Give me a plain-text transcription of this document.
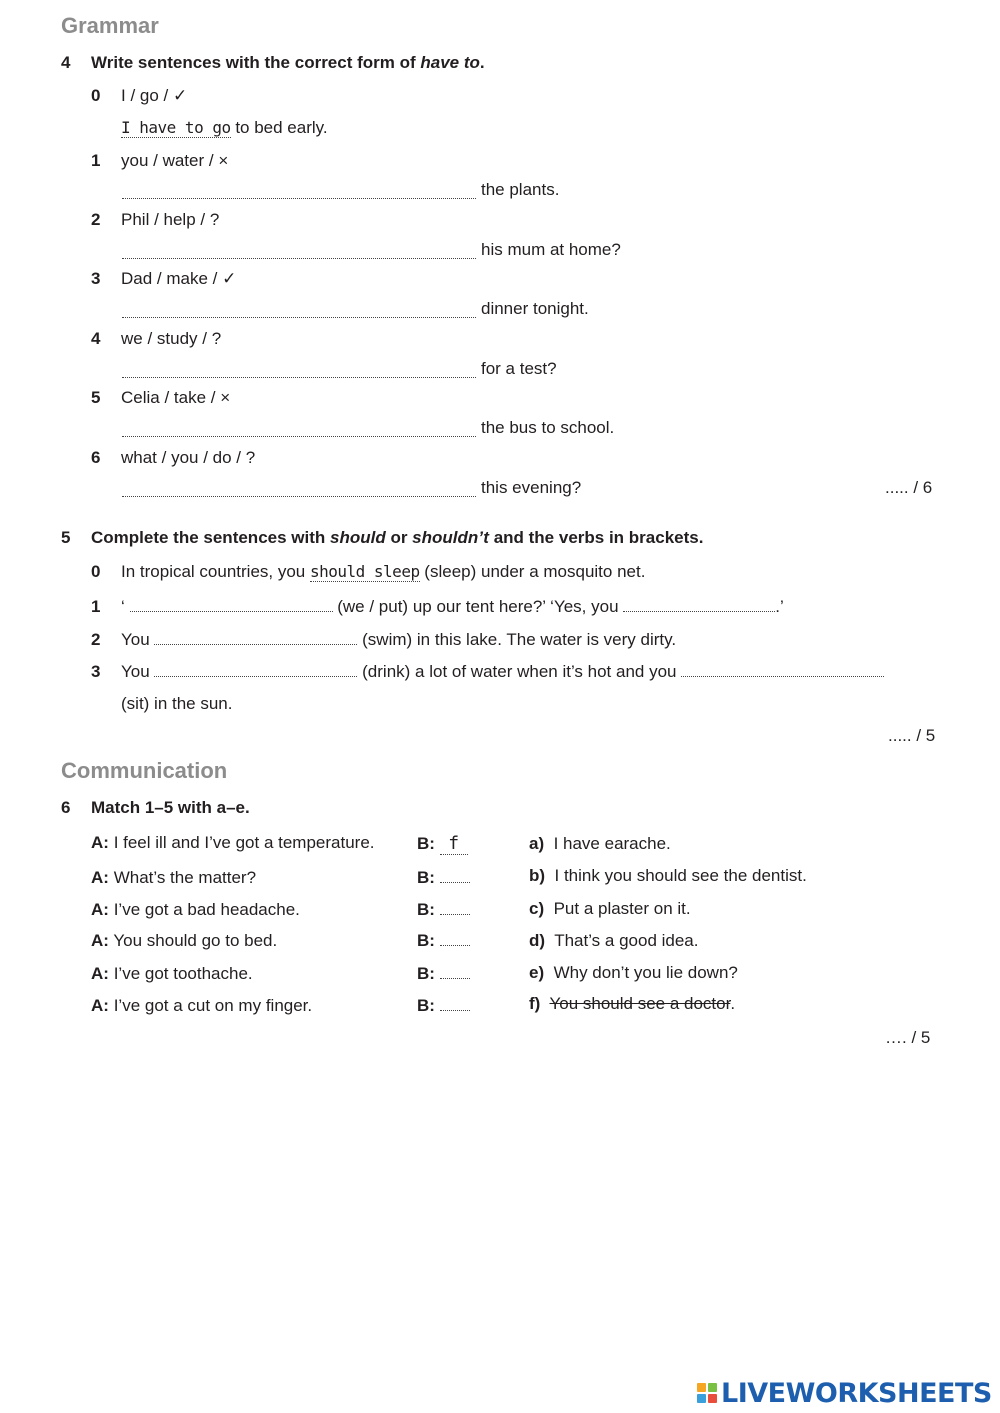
Grammar
4 Write sentences with the correct form of have to.
0 I / go / ✓
I have to go to bed early.
1 you / water / ×
the plants.
2 Phil / help / ?
his mum at home?
3 Dad / make / ✓
dinner tonight.
4 we / study / ?
for a test?
5 Celia / take / ×
the bus to school.
6 what / you / do / ?
this evening?	..... / 6
5 Complete the sentences with should or shouldn’t and the verbs in brackets.
0 In tropical countries, you should sleep (sleep) under a mosquito net.
1 ‘	(we / put) up our tent here?’ ‘Yes, you	.’
2 You	(swim) in this lake. The water is very dirty.
3 You	(drink) a lot of water when it’s hot and you
(sit) in the sun.
..... / 5
Communication
6 Match 1–5 with a–e.
A: I feel ill and I’ve got a temperature.	B: f	a) I have earache.
A: What’s the matter?	B:	b) I think you should see the dentist.
A: I’ve got a bad headache.	B:	c) Put a plaster on it.
A: You should go to bed.	B:	d) That’s a good idea.
A: I’ve got toothache.	B:	e) Why don’t you lie down?
A: I’ve got a cut on my finger.	B:	f) You should see a doctor.
…. / 5
LIVEWORKSHEETS
